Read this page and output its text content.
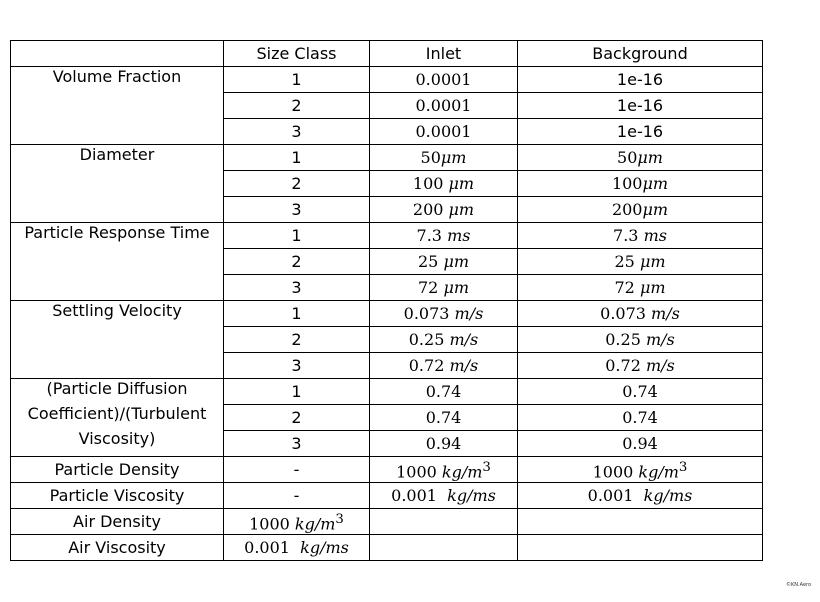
	Size Class	Inlet	Background
Volume Fraction	1	0.0001	1e-16
	2	0.0001	1e-16
	3	0.0001	1e-16
Diameter	1	50μm	50μm
	2	100 μm	100μm
	3	200 μm	200μm
Particle Response Time	1	7.3 ms	7.3 ms
	2	25 μm	25 μm
	3	72 μm	72 μm
Settling Velocity	1	0.073 m/s	0.073 m/s
	2	0.25 m/s	0.25 m/s
	3	0.72 m/s	0.72 m/s

(Particle Diffusion
Coefficient)/(Turbulent
Viscosity)	1	0.74	0.74
	2	0.74	0.74
	3	0.94	0.94
Particle Density	-	1000 $kg/m^3$	1000 $kg/m^3$
Particle Viscosity	-	0.001  kg/ms	0.001  kg/ms
Air Density	1000 $kg/m^3$		
Air Viscosity	0.001  kg/ms		
©KN.Aero
